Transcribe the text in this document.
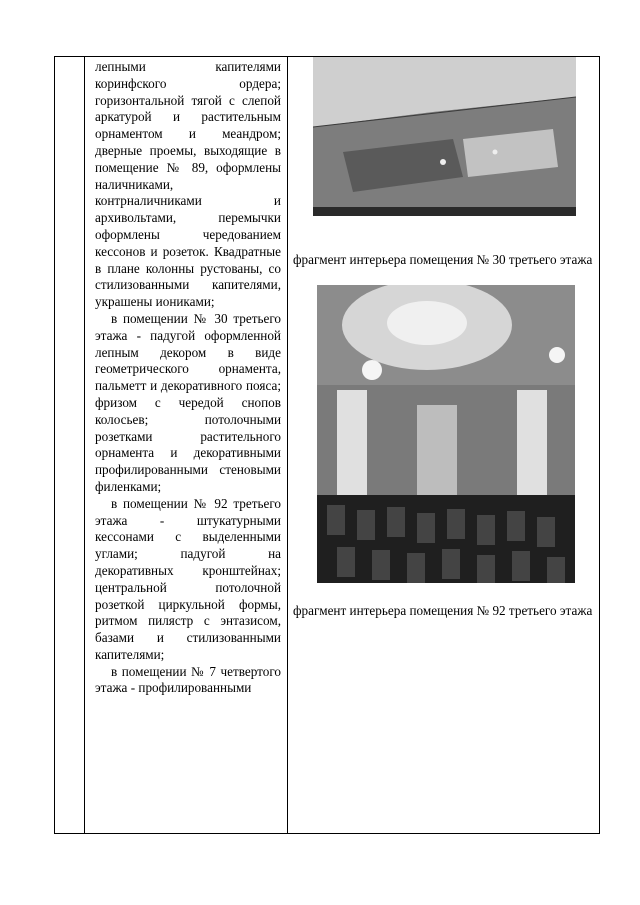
лепными капителями коринфского ордера; горизонтальной тягой с слепой аркатурой и растительным орнаментом и меандром; дверные проемы, выходящие в помещение № 89, оформлены наличниками, контрналичниками и архивольтами, перемычки оформлены чередованием кессонов и розеток. Квадратные в плане колонны рустованы, со стилизованными капителями, украшены иониками;

в помещении № 30 третьего этажа - падугой оформленной лепным декором в виде геометрического орнамента, пальметт и декоративного пояса; фризом с чередой снопов колосьев; потолочными розетками растительного орнамента и декоративными профилированными стеновыми филенками;

в помещении № 92 третьего этажа - штукатурными кессонами с выделенными углами; падугой на декоративных кронштейнах; центральной потолочной розеткой циркульной формы, ритмом пилястр с энтазисом, базами и стилизованными капителями;

в помещении № 7 четвертого этажа - профилированными

фрагмент интерьера помещения № 30 третьего этажа
фрагмент интерьера помещения № 92 третьего этажа
